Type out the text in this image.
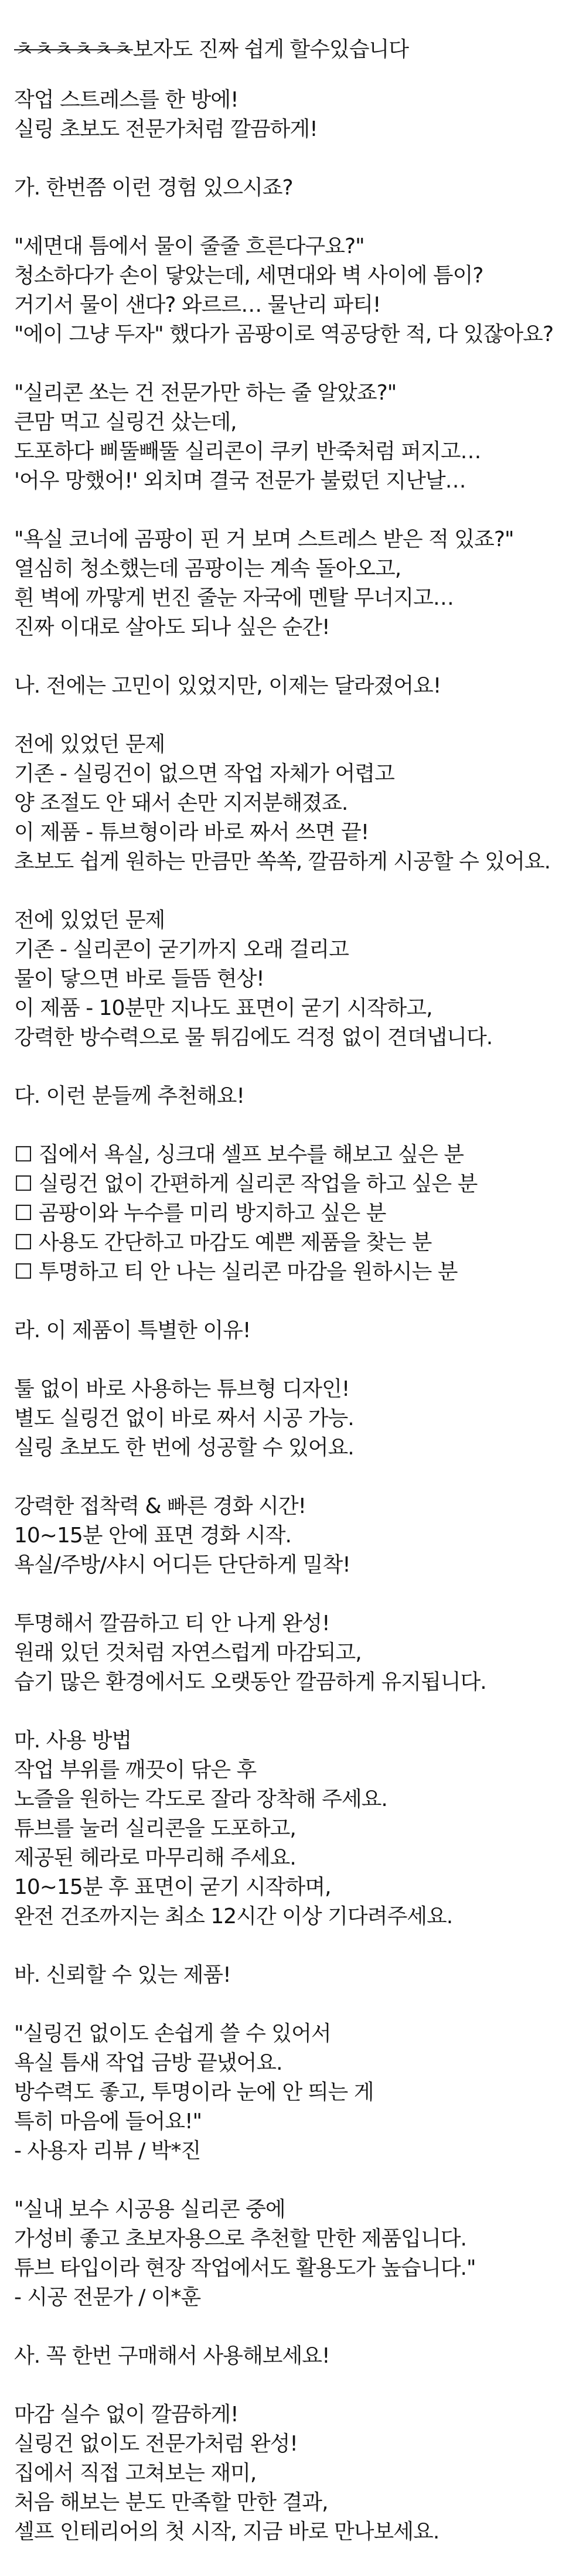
ㅊㅊㅊㅊㅊㅊ보자도 진짜 쉽게 할수있습니다
작업 스트레스를 한 방에!
실링 초보도 전문가처럼 깔끔하게!
가. 한번쯤 이런 경험 있으시죠?
"세면대 틈에서 물이 줄줄 흐른다구요?"
청소하다가 손이 닿았는데, 세면대와 벽 사이에 틈이?
거기서 물이 샌다? 와르르… 물난리 파티!
"에이 그냥 두자" 했다가 곰팡이로 역공당한 적, 다 있잖아요?
"실리콘 쏘는 건 전문가만 하는 줄 알았죠?"
큰맘 먹고 실링건 샀는데,
도포하다 삐뚤빼뚤 실리콘이 쿠키 반죽처럼 퍼지고…
'어우 망했어!' 외치며 결국 전문가 불렀던 지난날…
"욕실 코너에 곰팡이 핀 거 보며 스트레스 받은 적 있죠?"
열심히 청소했는데 곰팡이는 계속 돌아오고,
흰 벽에 까맣게 번진 줄눈 자국에 멘탈 무너지고…
진짜 이대로 살아도 되나 싶은 순간!
나. 전에는 고민이 있었지만, 이제는 달라졌어요!
전에 있었던 문제
기존 - 실링건이 없으면 작업 자체가 어렵고
양 조절도 안 돼서 손만 지저분해졌죠.
이 제품 - 튜브형이라 바로 짜서 쓰면 끝!
초보도 쉽게 원하는 만큼만 쏙쏙, 깔끔하게 시공할 수 있어요.
전에 있었던 문제
기존 - 실리콘이 굳기까지 오래 걸리고
물이 닿으면 바로 들뜸 현상!
이 제품 - 10분만 지나도 표면이 굳기 시작하고,
강력한 방수력으로 물 튀김에도 걱정 없이 견뎌냅니다.
다. 이런 분들께 추천해요!
☐ 집에서 욕실, 싱크대 셀프 보수를 해보고 싶은 분
☐ 실링건 없이 간편하게 실리콘 작업을 하고 싶은 분
☐ 곰팡이와 누수를 미리 방지하고 싶은 분
☐ 사용도 간단하고 마감도 예쁜 제품을 찾는 분
☐ 투명하고 티 안 나는 실리콘 마감을 원하시는 분
라. 이 제품이 특별한 이유!
툴 없이 바로 사용하는 튜브형 디자인!
별도 실링건 없이 바로 짜서 시공 가능.
실링 초보도 한 번에 성공할 수 있어요.
강력한 접착력 & 빠른 경화 시간!
10~15분 안에 표면 경화 시작.
욕실/주방/샤시 어디든 단단하게 밀착!
투명해서 깔끔하고 티 안 나게 완성!
원래 있던 것처럼 자연스럽게 마감되고,
습기 많은 환경에서도 오랫동안 깔끔하게 유지됩니다.
마. 사용 방법
작업 부위를 깨끗이 닦은 후
노즐을 원하는 각도로 잘라 장착해 주세요.
튜브를 눌러 실리콘을 도포하고,
제공된 헤라로 마무리해 주세요.
10~15분 후 표면이 굳기 시작하며,
완전 건조까지는 최소 12시간 이상 기다려주세요.
바. 신뢰할 수 있는 제품!
"실링건 없이도 손쉽게 쓸 수 있어서
욕실 틈새 작업 금방 끝냈어요.
방수력도 좋고, 투명이라 눈에 안 띄는 게
특히 마음에 들어요!"
- 사용자 리뷰 / 박*진
"실내 보수 시공용 실리콘 중에
가성비 좋고 초보자용으로 추천할 만한 제품입니다.
튜브 타입이라 현장 작업에서도 활용도가 높습니다."
- 시공 전문가 / 이*훈
사. 꼭 한번 구매해서 사용해보세요!
마감 실수 없이 깔끔하게!
실링건 없이도 전문가처럼 완성!
집에서 직접 고쳐보는 재미,
처음 해보는 분도 만족할 만한 결과,
셀프 인테리어의 첫 시작, 지금 바로 만나보세요.
